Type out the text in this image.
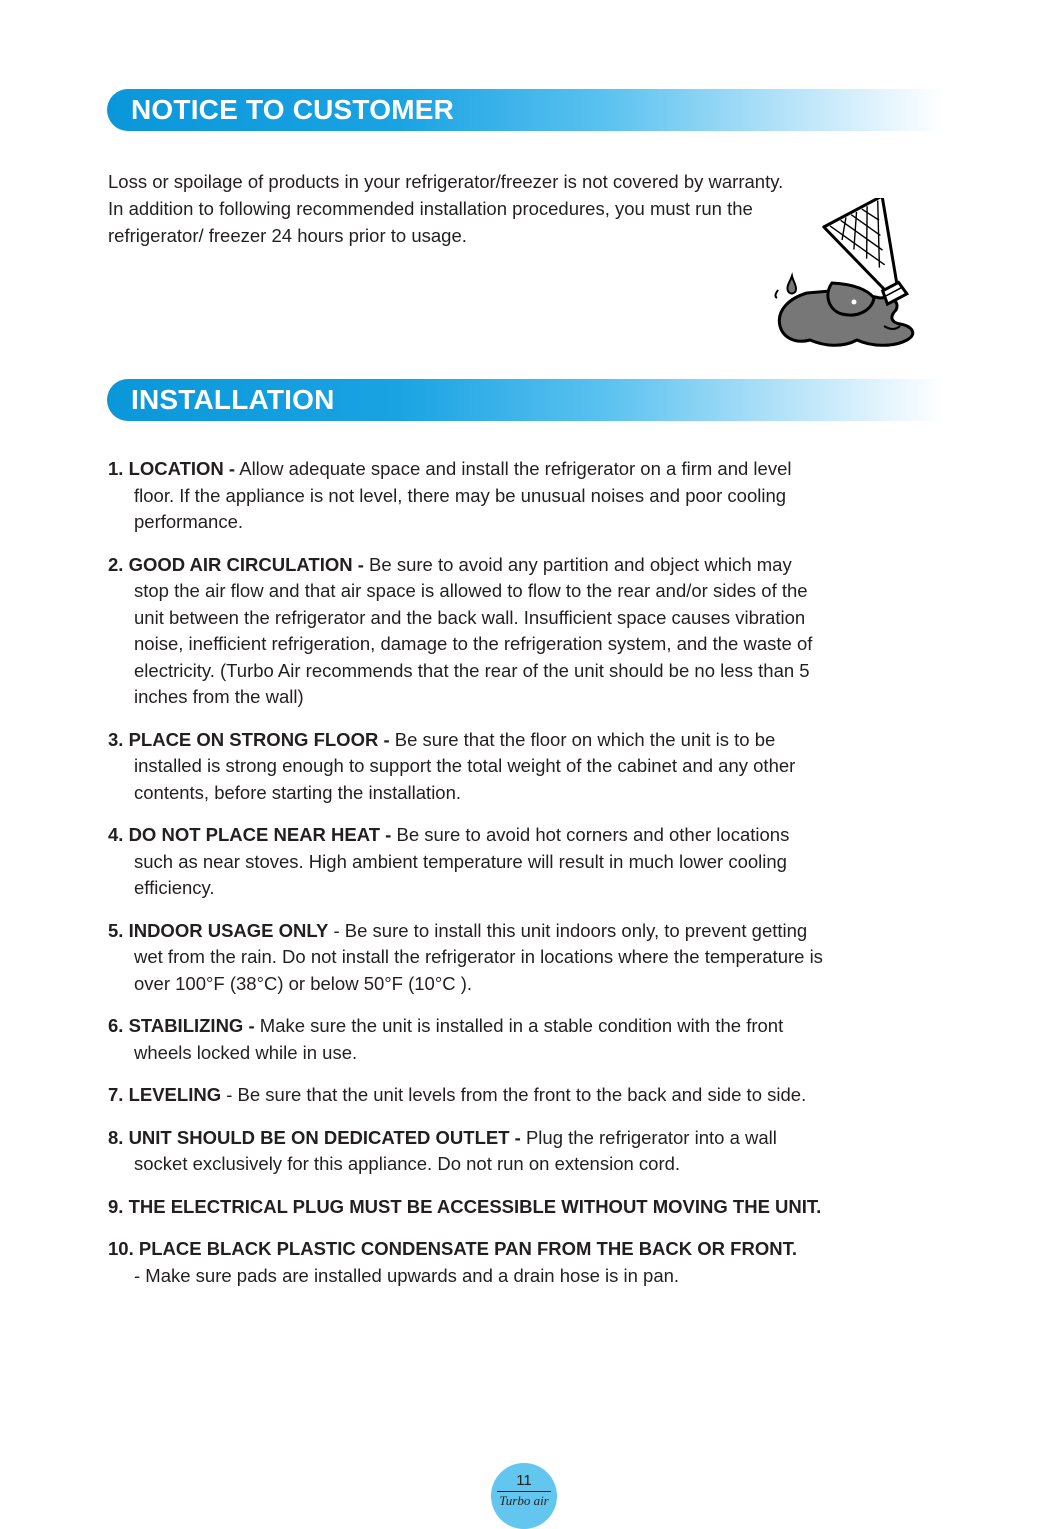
NOTICE TO CUSTOMER
Loss or spoilage of products in your refrigerator/freezer is not covered by warranty.
In addition to following recommended installation procedures, you must run the
refrigerator/ freezer 24 hours prior to usage.
INSTALLATION
1. LOCATION - Allow adequate space and install the refrigerator on a firm and level
floor. If the appliance is not level, there may be unusual noises and poor cooling
performance.
2. GOOD AIR CIRCULATION - Be sure to avoid any partition and object which may
stop the air flow and that air space is allowed to flow to the rear and/or sides of the
unit between the refrigerator and the back wall. Insufficient space causes vibration
noise, inefficient refrigeration, damage to the refrigeration system, and the waste of
electricity. (Turbo Air recommends that the rear of the unit should be no less than 5
inches from the wall)
3. PLACE ON STRONG FLOOR - Be sure that the floor on which the unit is to be
installed is strong enough to support the total weight of the cabinet and any other
contents, before starting the installation.
4. DO NOT PLACE NEAR HEAT - Be sure to avoid hot corners and other locations
such as near stoves. High ambient temperature will result in much lower cooling
efficiency.
5. INDOOR USAGE ONLY - Be sure to install this unit indoors only, to prevent getting
wet from the rain. Do not install the refrigerator in locations where the temperature is
over 100°F (38°C) or below 50°F (10°C ).
6. STABILIZING - Make sure the unit is installed in a stable condition with the front
wheels locked while in use.
7. LEVELING - Be sure that the unit levels from the front to the back and side to side.
8. UNIT SHOULD BE ON DEDICATED OUTLET - Plug the refrigerator into a wall
socket exclusively for this appliance. Do not run on extension cord.
9. THE ELECTRICAL PLUG MUST BE ACCESSIBLE WITHOUT MOVING THE UNIT.
10. PLACE BLACK PLASTIC CONDENSATE PAN FROM THE BACK OR FRONT.
- Make sure pads are installed upwards and a drain hose is in pan.
11
Turbo air
